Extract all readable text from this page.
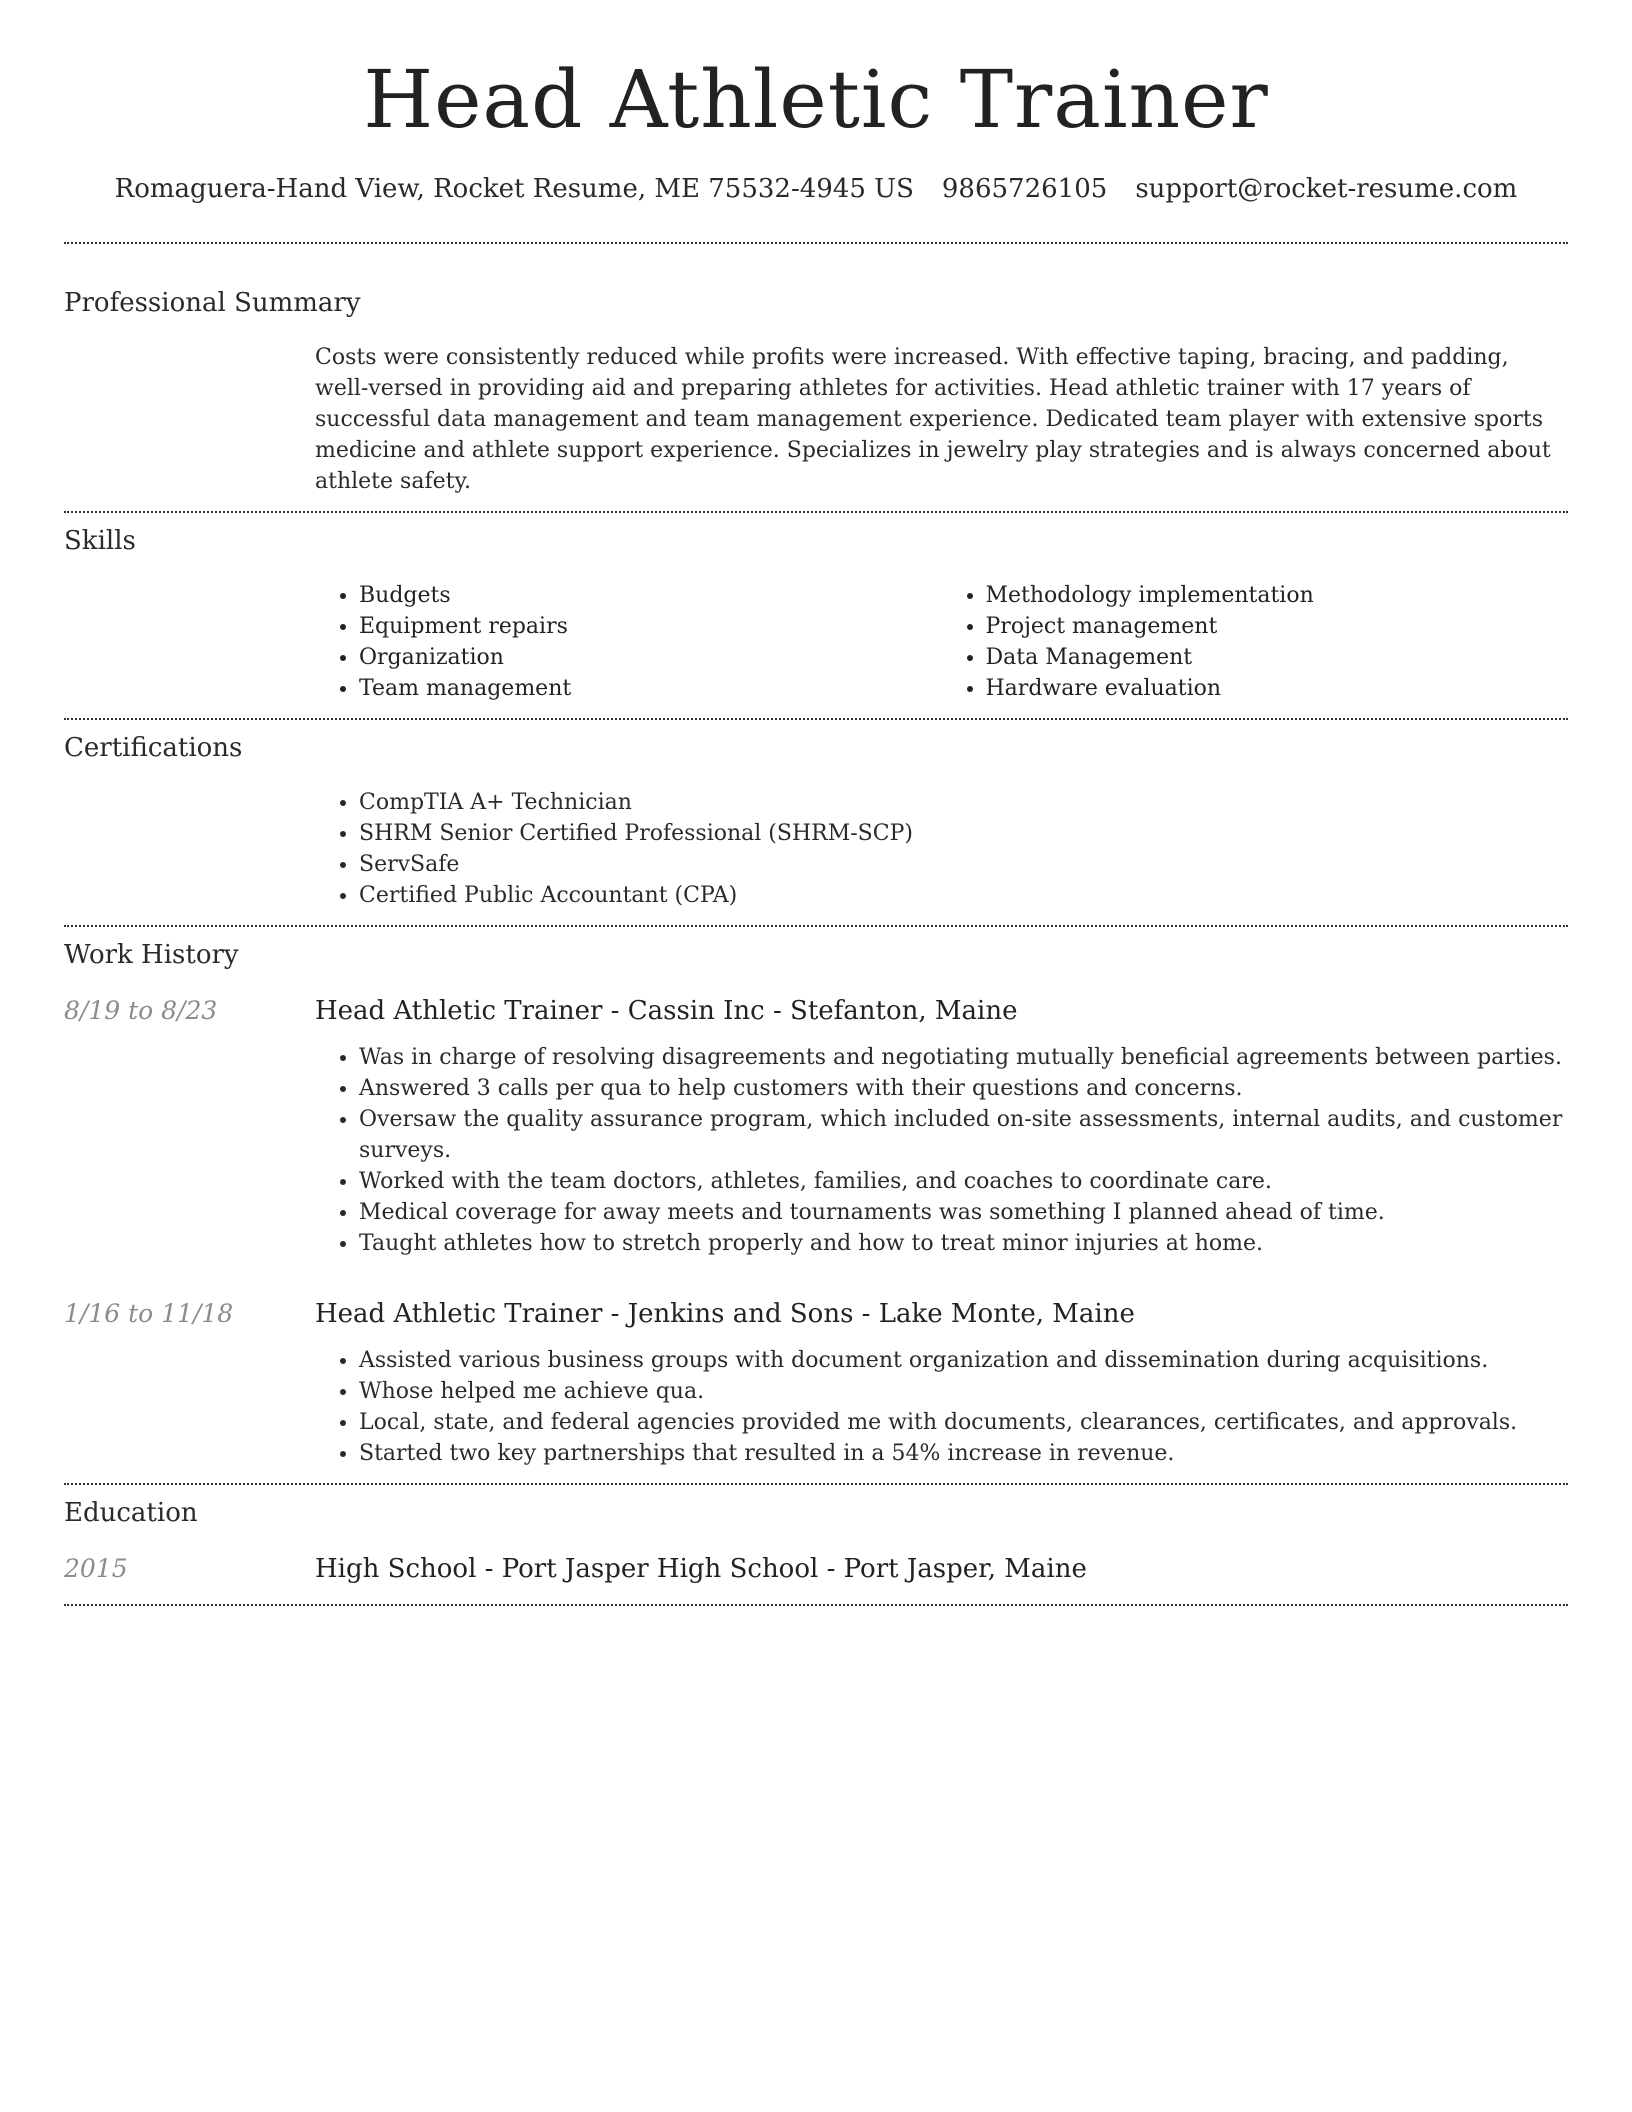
Head Athletic Trainer
Romaguera-Hand View, Rocket Resume, ME 75532-4945 US 9865726105 support@rocket-resume.com
Professional Summary
Costs were consistently reduced while profits were increased. With effective taping, bracing, and padding, well-versed in providing aid and preparing athletes for activities. Head athletic trainer with 17 years of successful data management and team management experience. Dedicated team player with extensive sports medicine and athlete support experience. Specializes in jewelry play strategies and is always concerned about athlete safety.
Skills
• Budgets
• Equipment repairs
• Organization
• Team management
• Methodology implementation
• Project management
• Data Management
• Hardware evaluation
Certifications
• CompTIA A+ Technician
• SHRM Senior Certified Professional (SHRM-SCP)
• ServSafe
• Certified Public Accountant (CPA)
Work History
8/19 to 8/23	Head Athletic Trainer - Cassin Inc - Stefanton, Maine
• Was in charge of resolving disagreements and negotiating mutually beneficial agreements between parties.
• Answered 3 calls per qua to help customers with their questions and concerns.
• Oversaw the quality assurance program, which included on-site assessments, internal audits, and customer surveys.
• Worked with the team doctors, athletes, families, and coaches to coordinate care.
• Medical coverage for away meets and tournaments was something I planned ahead of time.
• Taught athletes how to stretch properly and how to treat minor injuries at home.
1/16 to 11/18	Head Athletic Trainer - Jenkins and Sons - Lake Monte, Maine
• Assisted various business groups with document organization and dissemination during acquisitions.
• Whose helped me achieve qua.
• Local, state, and federal agencies provided me with documents, clearances, certificates, and approvals.
• Started two key partnerships that resulted in a 54% increase in revenue.
Education
2015	High School - Port Jasper High School - Port Jasper, Maine
